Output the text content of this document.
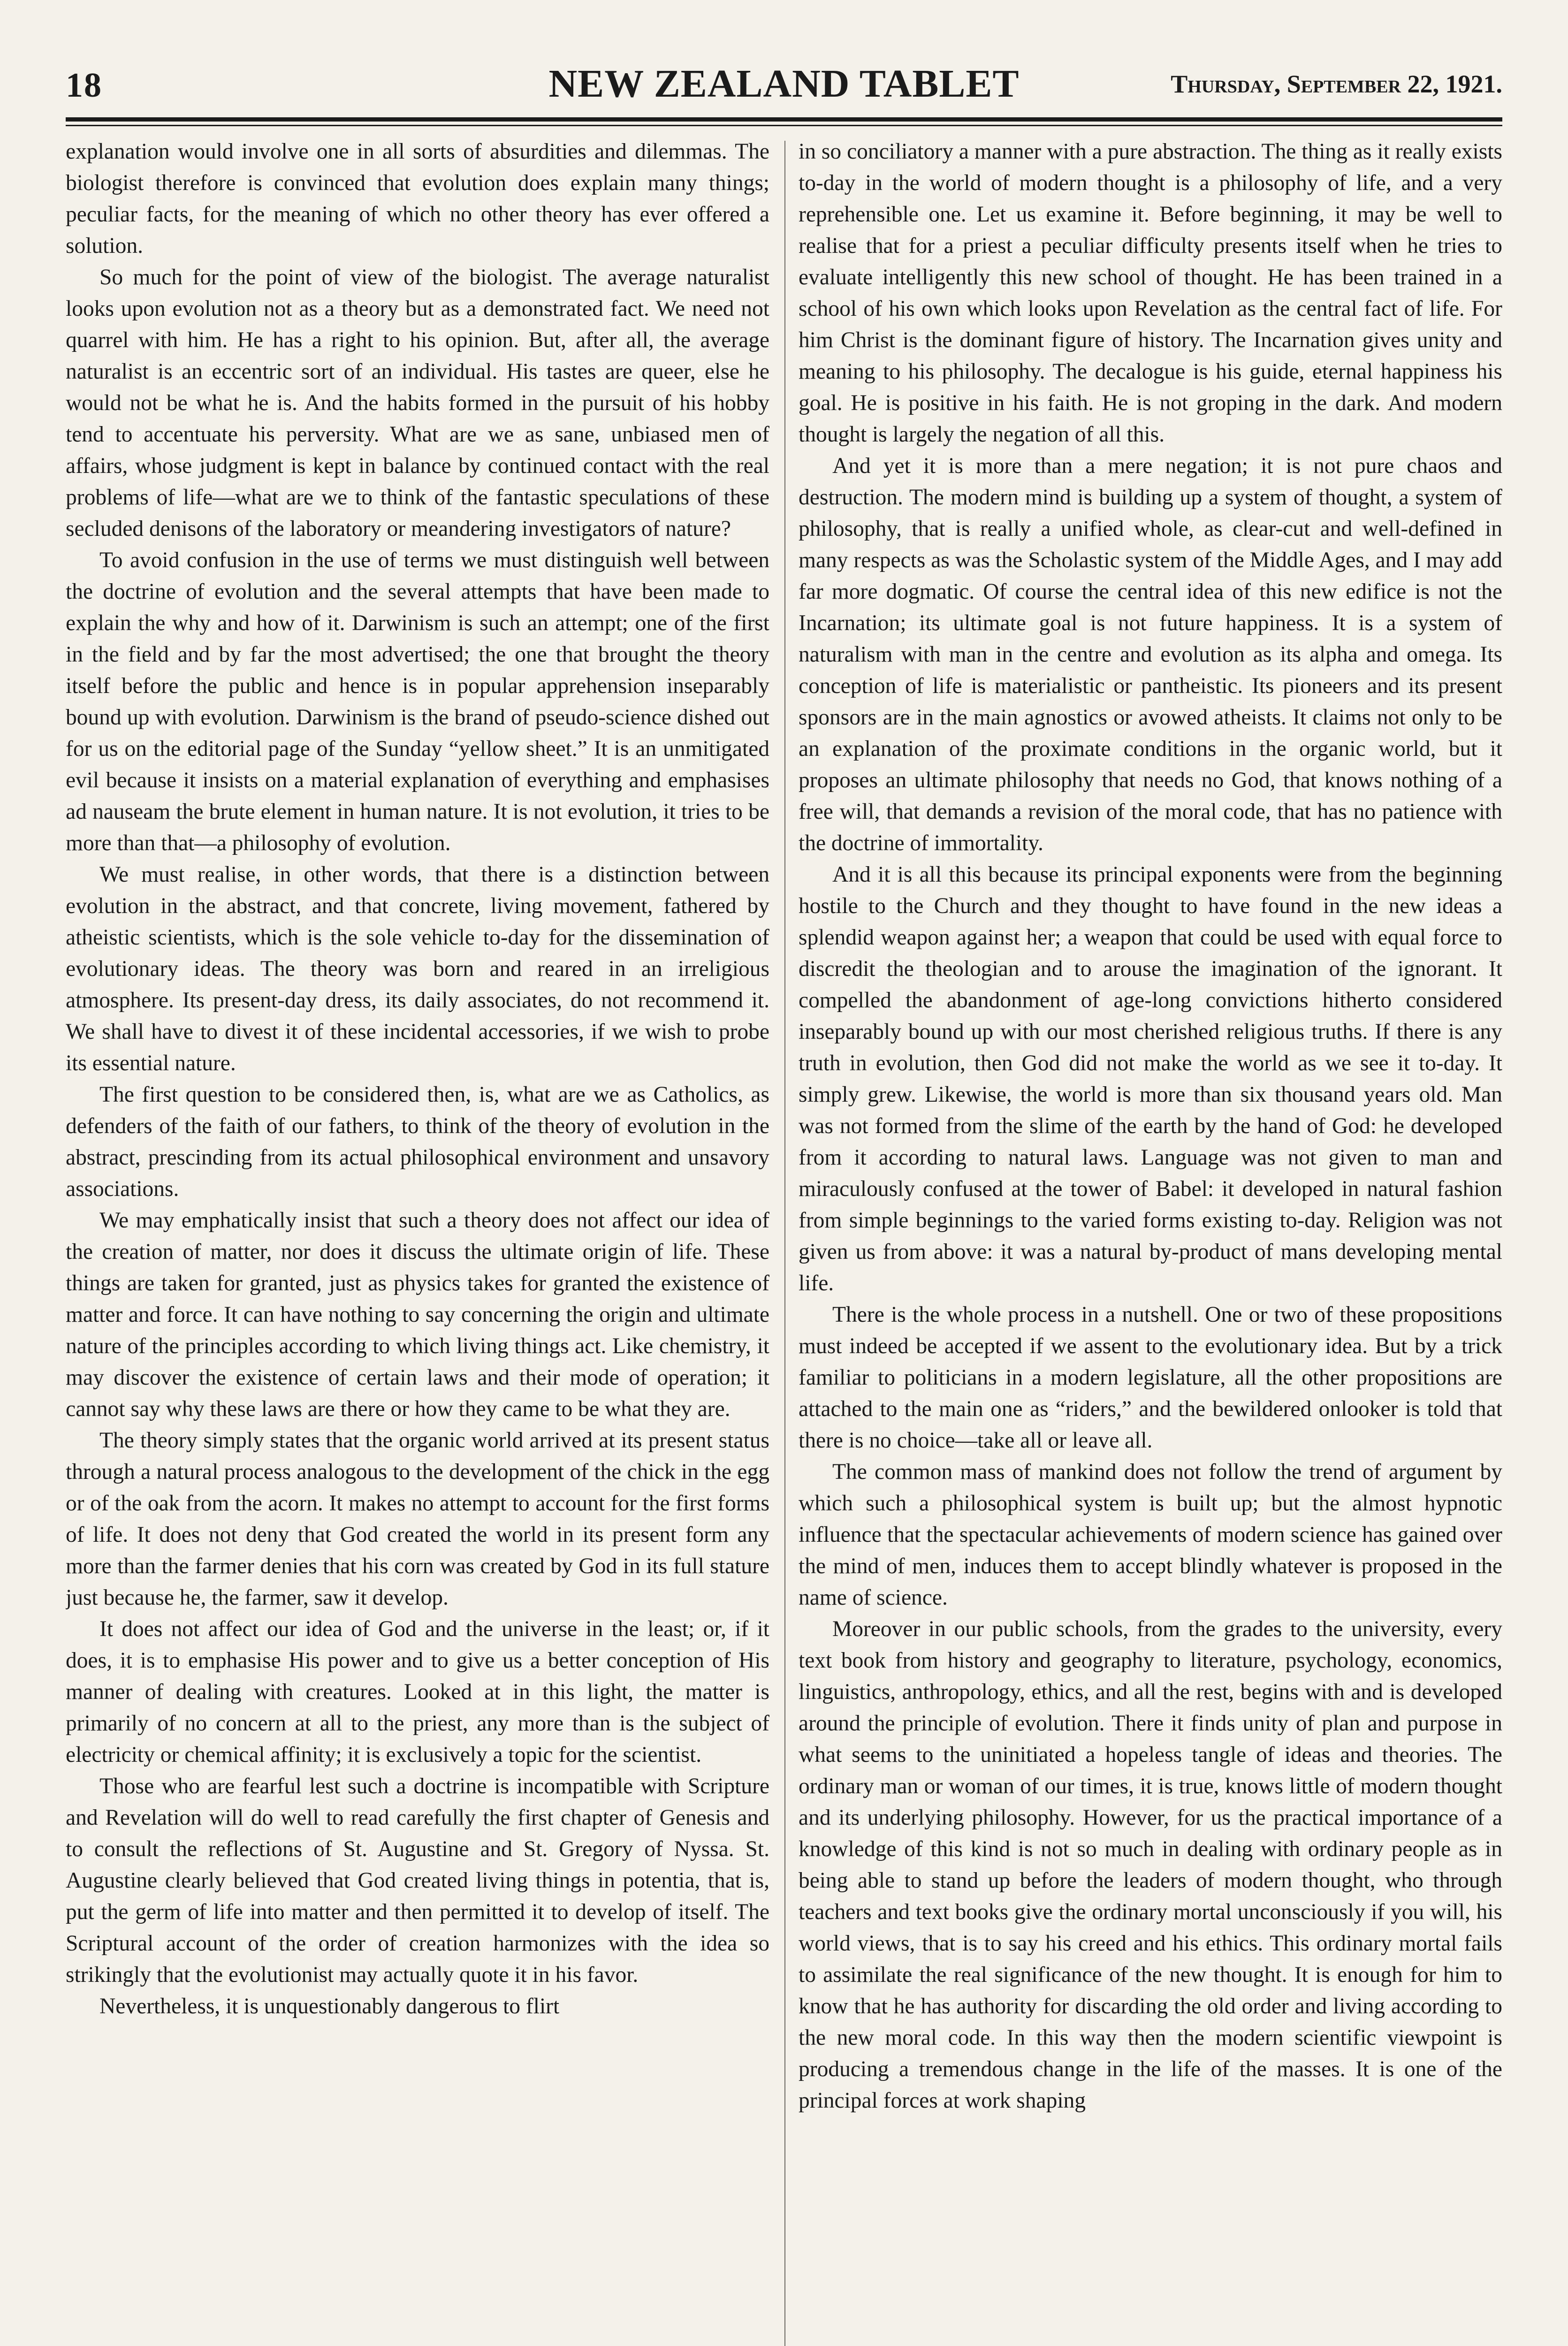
18	NEW ZEALAND TABLET	Thursday, September 22, 1921.

explanation would involve one in all sorts of absurdities and dilemmas. The biologist therefore is convinced that evolution does explain many things; peculiar facts, for the meaning of which no other theory has ever offered a solution.

So much for the point of view of the biologist. The average naturalist looks upon evolution not as a theory but as a demonstrated fact. We need not quarrel with him. He has a right to his opinion. But, after all, the average naturalist is an eccentric sort of an individual. His tastes are queer, else he would not be what he is. And the habits formed in the pursuit of his hobby tend to accentuate his perversity. What are we as sane, unbiased men of affairs, whose judgment is kept in balance by continued contact with the real problems of life—what are we to think of the fantastic speculations of these secluded denisons of the laboratory or meandering investigators of nature?

To avoid confusion in the use of terms we must distinguish well between the doctrine of evolution and the several attempts that have been made to explain the why and how of it. Darwinism is such an attempt; one of the first in the field and by far the most advertised; the one that brought the theory itself before the public and hence is in popular apprehension inseparably bound up with evolution. Darwinism is the brand of pseudo-science dished out for us on the editorial page of the Sunday “yellow sheet.” It is an unmitigated evil because it insists on a material explanation of everything and emphasises ad nauseam the brute element in human nature. It is not evolution, it tries to be more than that—a philosophy of evolution.

We must realise, in other words, that there is a distinction between evolution in the abstract, and that concrete, living movement, fathered by atheistic scientists, which is the sole vehicle to-day for the dissemination of evolutionary ideas. The theory was born and reared in an irreligious atmosphere. Its present-day dress, its daily associates, do not recommend it. We shall have to divest it of these incidental accessories, if we wish to probe its essential nature.

The first question to be considered then, is, what are we as Catholics, as defenders of the faith of our fathers, to think of the theory of evolution in the abstract, prescinding from its actual philosophical environment and unsavory associations.

We may emphatically insist that such a theory does not affect our idea of the creation of matter, nor does it discuss the ultimate origin of life. These things are taken for granted, just as physics takes for granted the existence of matter and force. It can have nothing to say concerning the origin and ultimate nature of the principles according to which living things act. Like chemistry, it may discover the existence of certain laws and their mode of operation; it cannot say why these laws are there or how they came to be what they are.

The theory simply states that the organic world arrived at its present status through a natural process analogous to the development of the chick in the egg or of the oak from the acorn. It makes no attempt to account for the first forms of life. It does not deny that God created the world in its present form any more than the farmer denies that his corn was created by God in its full stature just because he, the farmer, saw it develop.

It does not affect our idea of God and the universe in the least; or, if it does, it is to emphasise His power and to give us a better conception of His manner of dealing with creatures. Looked at in this light, the matter is primarily of no concern at all to the priest, any more than is the subject of electricity or chemical affinity; it is exclusively a topic for the scientist.

Those who are fearful lest such a doctrine is incompatible with Scripture and Revelation will do well to read carefully the first chapter of Genesis and to consult the reflections of St. Augustine and St. Gregory of Nyssa. St. Augustine clearly believed that God created living things in potentia, that is, put the germ of life into matter and then permitted it to develop of itself. The Scriptural account of the order of creation harmonizes with the idea so strikingly that the evolutionist may actually quote it in his favor.

Nevertheless, it is unquestionably dangerous to flirt

in so conciliatory a manner with a pure abstraction. The thing as it really exists to-day in the world of modern thought is a philosophy of life, and a very reprehensible one. Let us examine it. Before beginning, it may be well to realise that for a priest a peculiar difficulty presents itself when he tries to evaluate intelligently this new school of thought. He has been trained in a school of his own which looks upon Revelation as the central fact of life. For him Christ is the dominant figure of history. The Incarnation gives unity and meaning to his philosophy. The decalogue is his guide, eternal happiness his goal. He is positive in his faith. He is not groping in the dark. And modern thought is largely the negation of all this.

And yet it is more than a mere negation; it is not pure chaos and destruction. The modern mind is building up a system of thought, a system of philosophy, that is really a unified whole, as clear-cut and well-defined in many respects as was the Scholastic system of the Middle Ages, and I may add far more dogmatic. Of course the central idea of this new edifice is not the Incarnation; its ultimate goal is not future happiness. It is a system of naturalism with man in the centre and evolution as its alpha and omega. Its conception of life is materialistic or pantheistic. Its pioneers and its present sponsors are in the main agnostics or avowed atheists. It claims not only to be an explanation of the proximate conditions in the organic world, but it proposes an ultimate philosophy that needs no God, that knows nothing of a free will, that demands a revision of the moral code, that has no patience with the doctrine of immortality.

And it is all this because its principal exponents were from the beginning hostile to the Church and they thought to have found in the new ideas a splendid weapon against her; a weapon that could be used with equal force to discredit the theologian and to arouse the imagination of the ignorant. It compelled the abandonment of age-long convictions hitherto considered inseparably bound up with our most cherished religious truths. If there is any truth in evolution, then God did not make the world as we see it to-day. It simply grew. Likewise, the world is more than six thousand years old. Man was not formed from the slime of the earth by the hand of God: he developed from it according to natural laws. Language was not given to man and miraculously confused at the tower of Babel: it developed in natural fashion from simple beginnings to the varied forms existing to-day. Religion was not given us from above: it was a natural by-product of mans developing mental life.

There is the whole process in a nutshell. One or two of these propositions must indeed be accepted if we assent to the evolutionary idea. But by a trick familiar to politicians in a modern legislature, all the other propositions are attached to the main one as “riders,” and the bewildered onlooker is told that there is no choice—take all or leave all.

The common mass of mankind does not follow the trend of argument by which such a philosophical system is built up; but the almost hypnotic influence that the spectacular achievements of modern science has gained over the mind of men, induces them to accept blindly whatever is proposed in the name of science.

Moreover in our public schools, from the grades to the university, every text book from history and geography to literature, psychology, economics, linguistics, anthropology, ethics, and all the rest, begins with and is developed around the principle of evolution. There it finds unity of plan and purpose in what seems to the uninitiated a hopeless tangle of ideas and theories. The ordinary man or woman of our times, it is true, knows little of modern thought and its underlying philosophy. However, for us the practical importance of a knowledge of this kind is not so much in dealing with ordinary people as in being able to stand up before the leaders of modern thought, who through teachers and text books give the ordinary mortal unconsciously if you will, his world views, that is to say his creed and his ethics. This ordinary mortal fails to assimilate the real significance of the new thought. It is enough for him to know that he has authority for discarding the old order and living according to the new moral code. In this way then the modern scientific viewpoint is producing a tremendous change in the life of the masses. It is one of the principal forces at work shaping
